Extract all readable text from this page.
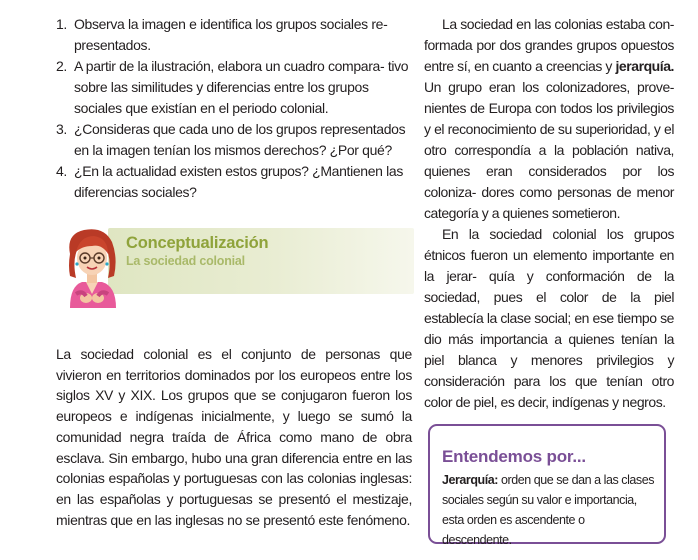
1. Observa la imagen e identifica los grupos sociales re- presentados.
2. A partir de la ilustración, elabora un cuadro compara- tivo sobre las similitudes y diferencias entre los grupos sociales que existían en el periodo colonial.
3. ¿Consideras que cada uno de los grupos representados en la imagen tenían los mismos derechos? ¿Por qué?
4. ¿En la actualidad existen estos grupos? ¿Mantienen las diferencias sociales?
Conceptualización
La sociedad colonial

La sociedad colonial es el conjunto de personas que vivieron en territorios dominados por los europeos entre los siglos XV y XIX. Los grupos que se conjugaron fueron los europeos e indígenas inicialmente, y luego se sumó la comunidad negra traída de África como mano de obra esclava. Sin embargo, hubo una gran diferencia entre en las colonias españolas y portuguesas con las colonias inglesas: en las españolas y portuguesas se presentó el mestizaje, mientras que en las inglesas no se presentó este fenómeno.

La sociedad en las colonias estaba con- formada por dos grandes grupos opuestos entre sí, en cuanto a creencias y jerarquía. Un grupo eran los colonizadores, prove- nientes de Europa con todos los privilegios y el reconocimiento de su superioridad, y el otro correspondía a la población nativa, quienes eran considerados por los coloniza- dores como personas de menor categoría y a quienes sometieron.

En la sociedad colonial los grupos étnicos fueron un elemento importante en la jerar- quía y conformación de la sociedad, pues el color de la piel establecía la clase social; en ese tiempo se dio más importancia a quienes tenían la piel blanca y menores privilegios y consideración para los que tenían otro color de piel, es decir, indígenas y negros.

Entendemos por...

Jerarquía: orden que se dan a las clases sociales según su valor e importancia, esta orden es ascendente o descendente.
